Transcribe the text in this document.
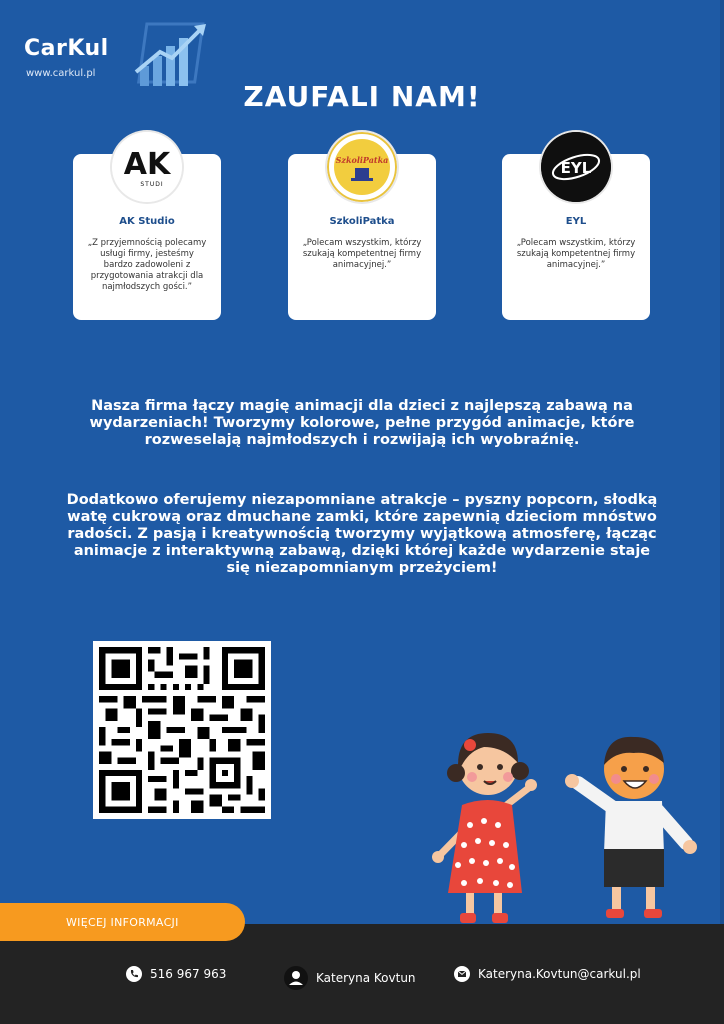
CarKul
www.carkul.pl
ZAUFALI NAM!
AK
STUDI
AK Studio
„Z przyjemnością polecamy usługi firmy, jesteśmy bardzo zadowoleni z przygotowania atrakcji dla najmłodszych gości.”
SzkoliPatka
SzkoliPatka
„Polecam wszystkim, którzy szukają kompetentnej firmy animacyjnej.”
EYL
EYL
„Polecam wszystkim, którzy szukają kompetentnej firmy animacyjnej.”
Nasza firma łączy magię animacji dla dzieci z najlepszą zabawą na wydarzeniach! Tworzymy kolorowe, pełne przygód animacje, które rozweselają najmłodszych i rozwijają ich wyobraźnię.
Dodatkowo oferujemy niezapomniane atrakcje – pyszny popcorn, słodką watę cukrową oraz dmuchane zamki, które zapewnią dzieciom mnóstwo radości. Z pasją i kreatywnością tworzymy wyjątkową atmosferę, łącząc animacje z interaktywną zabawą, dzięki której każde wydarzenie staje się niezapomnianym przeżyciem!
WIĘCEJ INFORMACJI
516 967 963	Kateryna Kovtun	Kateryna.Kovtun@carkul.pl
